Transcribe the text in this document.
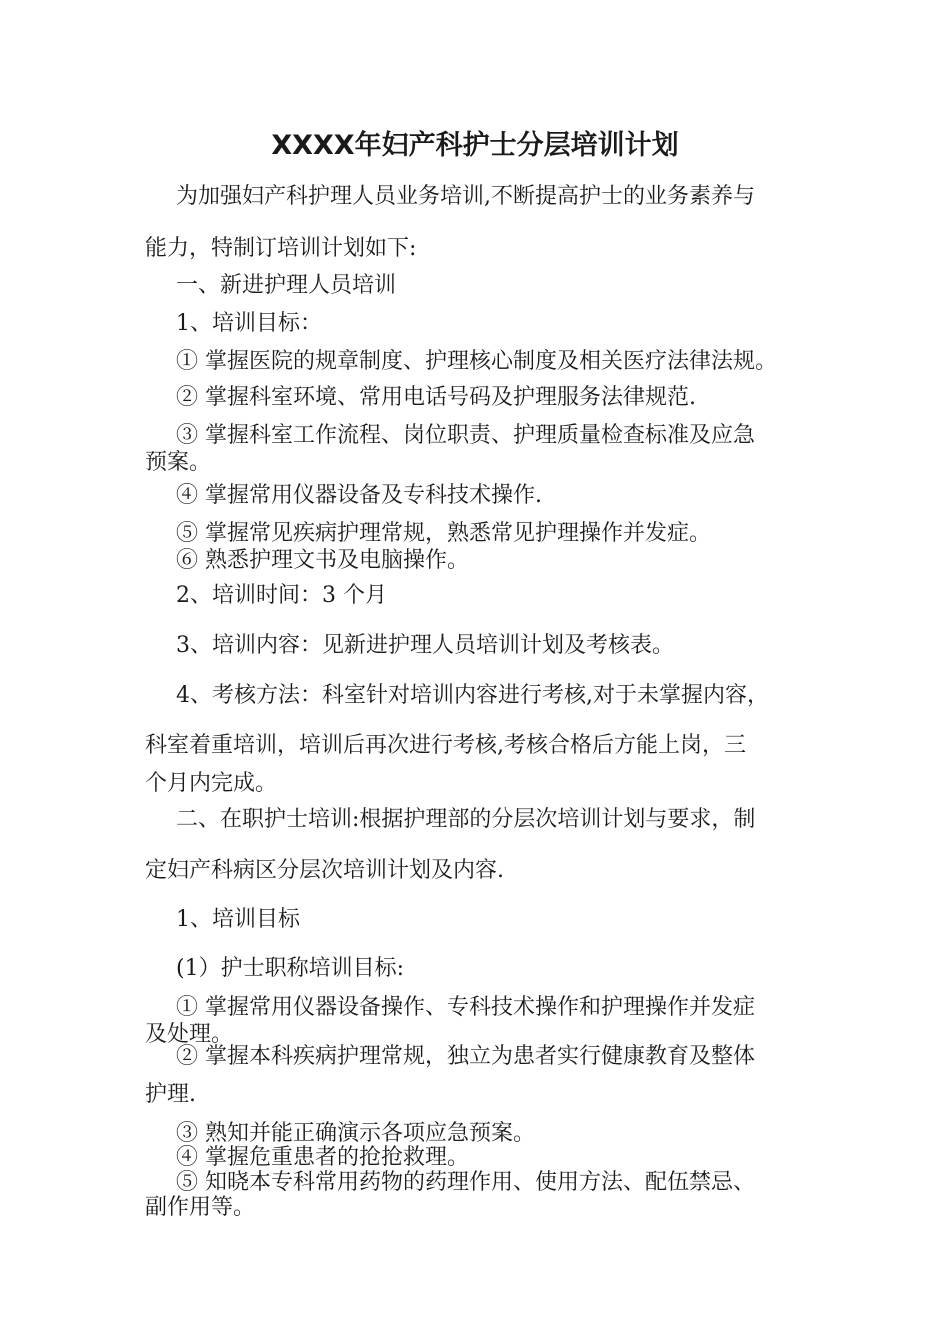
XXXX年妇产科护士分层培训计划
为加强妇产科护理人员业务培训,不断提高护士的业务素养与
能力，特制订培训计划如下:
一、新进护理人员培训
1、培训目标：
① 掌握医院的规章制度、护理核心制度及相关医疗法律法规。
② 掌握科室环境、常用电话号码及护理服务法律规范.
③ 掌握科室工作流程、岗位职责、护理质量检查标准及应急
预案。
④ 掌握常用仪器设备及专科技术操作.
⑤ 掌握常见疾病护理常规，熟悉常见护理操作并发症。
⑥ 熟悉护理文书及电脑操作。
2、培训时间：3 个月
3、培训内容：见新进护理人员培训计划及考核表。
4、考核方法：科室针对培训内容进行考核,对于未掌握内容，
科室着重培训，培训后再次进行考核,考核合格后方能上岗，三
个月内完成。
二、在职护士培训:根据护理部的分层次培训计划与要求，制
定妇产科病区分层次培训计划及内容.
1、培训目标
(1）护士职称培训目标:
① 掌握常用仪器设备操作、专科技术操作和护理操作并发症
及处理。
② 掌握本科疾病护理常规，独立为患者实行健康教育及整体
护理.
③ 熟知并能正确演示各项应急预案。
④ 掌握危重患者的抢抢救理。
⑤ 知晓本专科常用药物的药理作用、使用方法、配伍禁忌、
副作用等。
